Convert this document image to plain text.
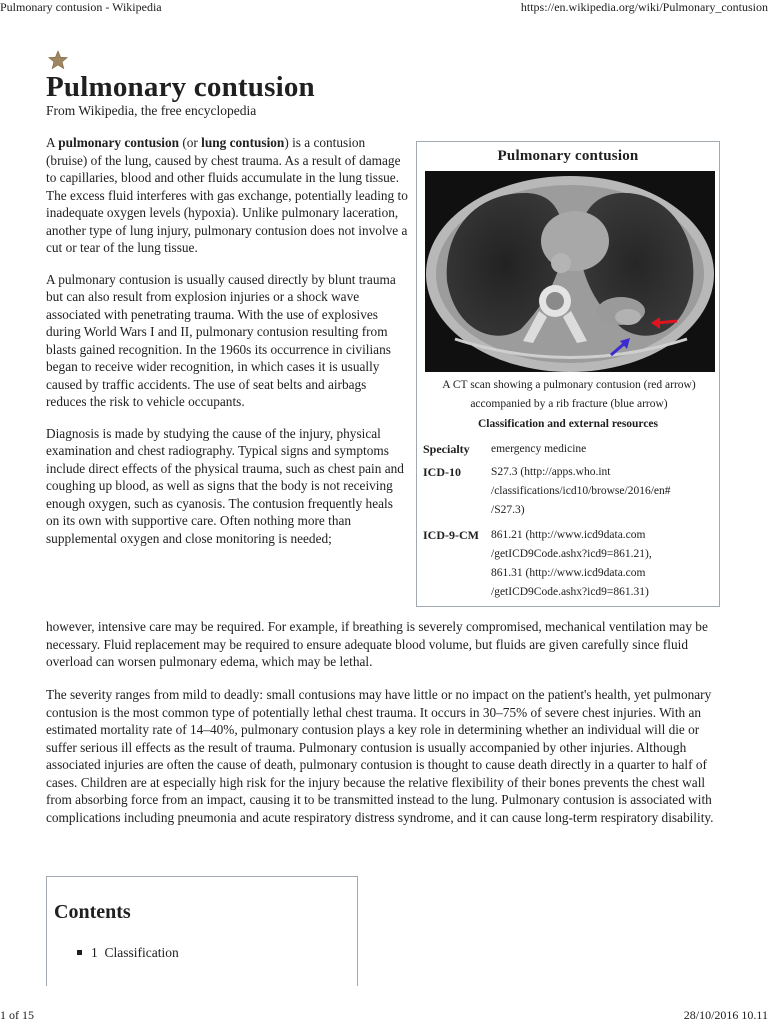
Pulmonary contusion - Wikipedia	https://en.wikipedia.org/wiki/Pulmonary_contusion
Pulmonary contusion
From Wikipedia, the free encyclopedia

A pulmonary contusion (or lung contusion) is a contusion (bruise) of the lung, caused by chest trauma. As a result of damage to capillaries, blood and other fluids accumulate in the lung tissue. The excess fluid interferes with gas exchange, potentially leading to inadequate oxygen levels (hypoxia). Unlike pulmonary laceration, another type of lung injury, pulmonary contusion does not involve a cut or tear of the lung tissue.

A pulmonary contusion is usually caused directly by blunt trauma but can also result from explosion injuries or a shock wave associated with penetrating trauma. With the use of explosives during World Wars I and II, pulmonary contusion resulting from blasts gained recognition. In the 1960s its occurrence in civilians began to receive wider recognition, in which cases it is usually caused by traffic accidents. The use of seat belts and airbags reduces the risk to vehicle occupants.

Diagnosis is made by studying the cause of the injury, physical examination and chest radiography. Typical signs and symptoms include direct effects of the physical trauma, such as chest pain and coughing up blood, as well as signs that the body is not receiving enough oxygen, such as cyanosis. The contusion frequently heals on its own with supportive care. Often nothing more than supplemental oxygen and close monitoring is needed;

however, intensive care may be required. For example, if breathing is severely compromised, mechanical ventilation may be necessary. Fluid replacement may be required to ensure adequate blood volume, but fluids are given carefully since fluid overload can worsen pulmonary edema, which may be lethal.
The severity ranges from mild to deadly: small contusions may have little or no impact on the patient's health, yet pulmonary contusion is the most common type of potentially lethal chest trauma. It occurs in 30–75% of severe chest injuries. With an estimated mortality rate of 14–40%, pulmonary contusion plays a key role in determining whether an individual will die or suffer serious ill effects as the result of trauma. Pulmonary contusion is usually accompanied by other injuries. Although associated injuries are often the cause of death, pulmonary contusion is thought to cause death directly in a quarter to half of cases. Children are at especially high risk for the injury because the relative flexibility of their bones prevents the chest wall from absorbing force from an impact, causing it to be transmitted instead to the lung. Pulmonary contusion is associated with complications including pneumonia and acute respiratory distress syndrome, and it can cause long-term respiratory disability.
Pulmonary contusion
A CT scan showing a pulmonary contusion (red arrow) accompanied by a rib fracture (blue arrow)
Classification and external resources
Specialty emergency medicine
ICD-10	S27.3 (http://apps.who.int
/classifications/icd10/browse/2016/en#
/S27.3)
ICD-9-CM 861.21 (http://www.icd9data.com
/getICD9Code.ashx?icd9=861.21),
861.31 (http://www.icd9data.com
/getICD9Code.ashx?icd9=861.31)
Contents
1 Classification
1 of 15	28/10/2016 10.11
